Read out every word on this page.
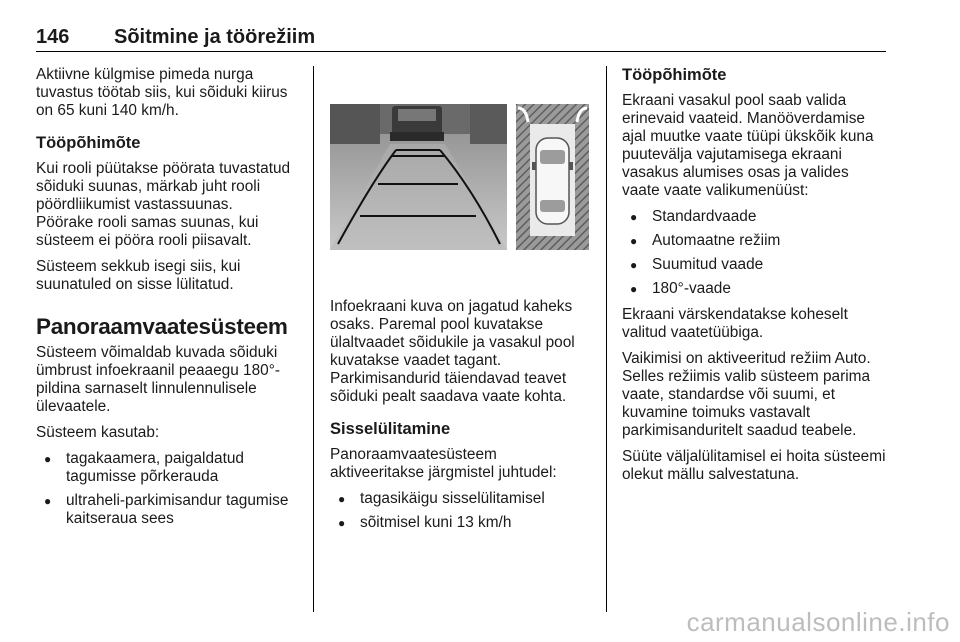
146 Sõitmine ja töörežiim

Aktiivne külgmise pimeda nurga tuvastus töötab siis, kui sõiduki kiirus on 65 kuni 140 km/h.

Tööpõhimõte

Kui rooli püütakse pöörata tuvastatud sõiduki suunas, märkab juht rooli pöördliikumist vastassuunas.

Pöörake rooli samas suunas, kui süsteem ei pööra rooli piisavalt.

Süsteem sekkub isegi siis, kui suunatuled on sisse lülitatud.

Panoraamvaatesüsteem

Süsteem võimaldab kuvada sõiduki ümbrust infoekraanil peaaegu 180°-pildina sarnaselt linnulennulisele ülevaatele.

Süsteem kasutab:

● tagakaamera, paigaldatud tagumisse põrkerauda
● ultraheli-parkimisandur tagumise kaitseraua sees

Infoekraani kuva on jagatud kaheks osaks. Paremal pool kuvatakse ülaltvaadet sõidukile ja vasakul pool kuvatakse vaadet tagant.

Parkimisandurid täiendavad teavet sõiduki pealt saadava vaate kohta.

Sisselülitamine

Panoraamvaatesüsteem aktiveeritakse järgmistel juhtudel:

● tagasikäigu sisselülitamisel
● sõitmisel kuni 13 km/h
Tööpõhimõte

Ekraani vasakul pool saab valida erinevaid vaateid. Manööverdamise ajal muutke vaate tüüpi ükskõik kuna puutevälja vajutamisega ekraani vasakus alumises osas ja valides vaate vaate valikumenüüst:

● Standardvaade
● Automaatne režiim
● Suumitud vaade
● 180°-vaade

Ekraani värskendatakse koheselt valitud vaatetüübiga.

Vaikimisi on aktiveeritud režiim Auto. Selles režiimis valib süsteem parima vaate, standardse või suumi, et kuvamine toimuks vastavalt parkimisanduritelt saadud teabele.

Süüte väljalülitamisel ei hoita süsteemi olekut mällu salvestatuna.

carmanualsonline.info
